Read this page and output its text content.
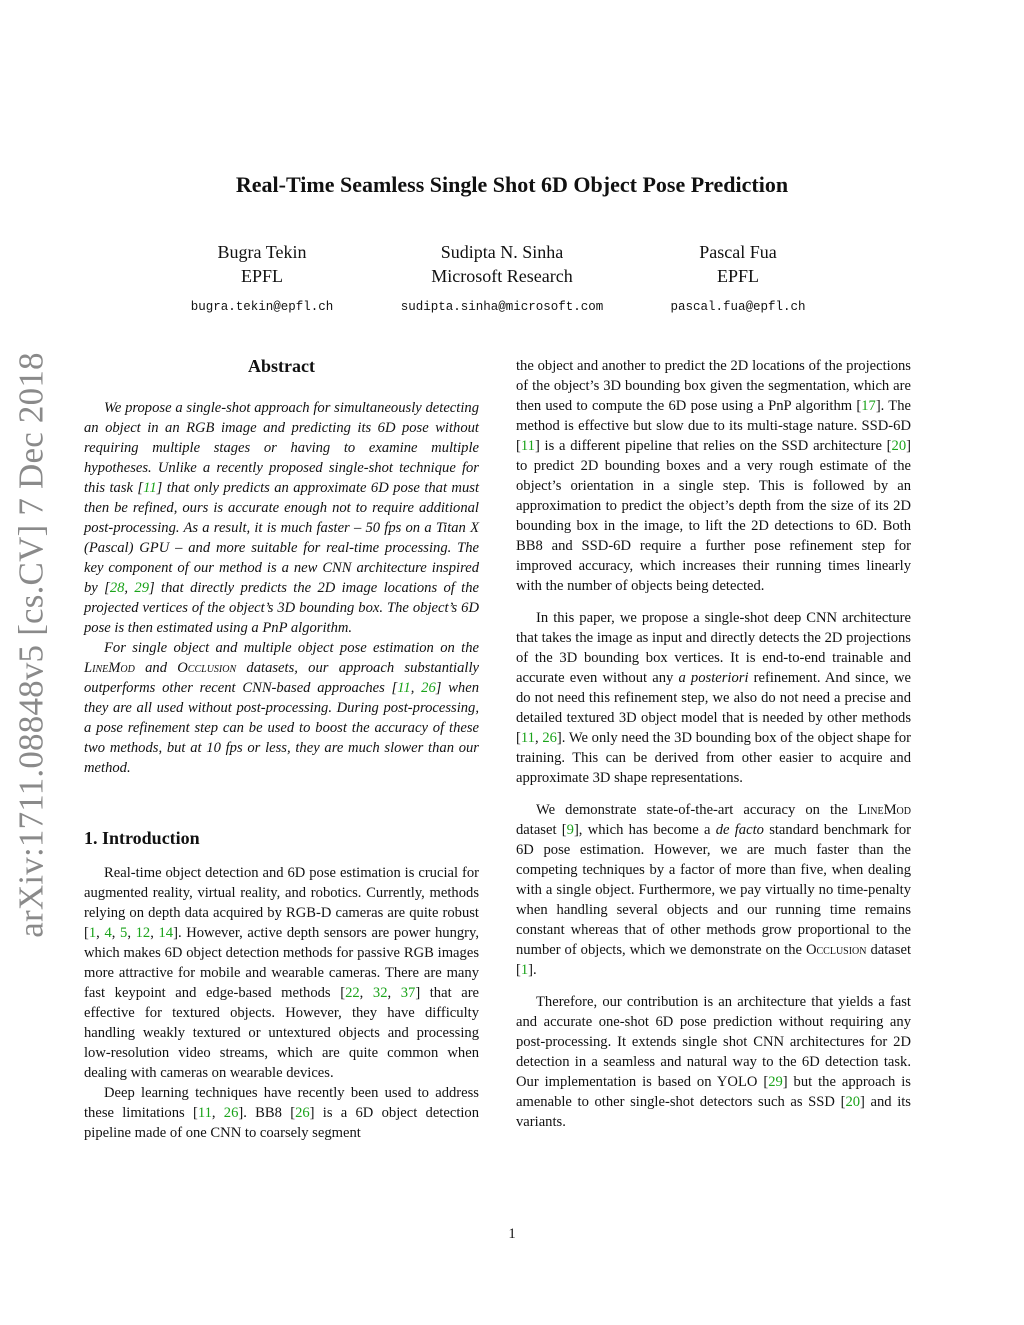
arXiv:1711.08848v5 [cs.CV] 7 Dec 2018
Real-Time Seamless Single Shot 6D Object Pose Prediction
Bugra Tekin
EPFL
bugra.tekin@epfl.ch
Sudipta N. Sinha
Microsoft Research
sudipta.sinha@microsoft.com
Pascal Fua
EPFL
pascal.fua@epfl.ch
Abstract

We propose a single-shot approach for simultaneously detecting an object in an RGB image and predicting its 6D pose without requiring multiple stages or having to examine multiple hypotheses. Unlike a recently proposed single-shot technique for this task [11] that only predicts an approximate 6D pose that must then be refined, ours is accurate enough not to require additional post-processing. As a result, it is much faster – 50 fps on a Titan X (Pascal) GPU – and more suitable for real-time processing. The key component of our method is a new CNN architecture inspired by [28, 29] that directly predicts the 2D image locations of the projected vertices of the object’s 3D bounding box. The object’s 6D pose is then estimated using a PnP algorithm.

For single object and multiple object pose estimation on the LineMod and Occlusion datasets, our approach substantially outperforms other recent CNN-based approaches [11, 26] when they are all used without post-processing. During post-processing, a pose refinement step can be used to boost the accuracy of these two methods, but at 10 fps or less, they are much slower than our method.

1. Introduction

Real-time object detection and 6D pose estimation is crucial for augmented reality, virtual reality, and robotics. Currently, methods relying on depth data acquired by RGB-D cameras are quite robust [1, 4, 5, 12, 14]. However, active depth sensors are power hungry, which makes 6D object detection methods for passive RGB images more attractive for mobile and wearable cameras. There are many fast keypoint and edge-based methods [22, 32, 37] that are effective for textured objects. However, they have difficulty handling weakly textured or untextured objects and processing low-resolution video streams, which are quite common when dealing with cameras on wearable devices.

Deep learning techniques have recently been used to address these limitations [11, 26]. BB8 [26] is a 6D object detection pipeline made of one CNN to coarsely segment

the object and another to predict the 2D locations of the projections of the object’s 3D bounding box given the segmentation, which are then used to compute the 6D pose using a PnP algorithm [17]. The method is effective but slow due to its multi-stage nature. SSD-6D [11] is a different pipeline that relies on the SSD architecture [20] to predict 2D bounding boxes and a very rough estimate of the object’s orientation in a single step. This is followed by an approximation to predict the object’s depth from the size of its 2D bounding box in the image, to lift the 2D detections to 6D. Both BB8 and SSD-6D require a further pose refinement step for improved accuracy, which increases their running times linearly with the number of objects being detected.

In this paper, we propose a single-shot deep CNN architecture that takes the image as input and directly detects the 2D projections of the 3D bounding box vertices. It is end-to-end trainable and accurate even without any a posteriori refinement. And since, we do not need this refinement step, we also do not need a precise and detailed textured 3D object model that is needed by other methods [11, 26]. We only need the 3D bounding box of the object shape for training. This can be derived from other easier to acquire and approximate 3D shape representations.

We demonstrate state-of-the-art accuracy on the LineMod dataset [9], which has become a de facto standard benchmark for 6D pose estimation. However, we are much faster than the competing techniques by a factor of more than five, when dealing with a single object. Furthermore, we pay virtually no time-penalty when handling several objects and our running time remains constant whereas that of other methods grow proportional to the number of objects, which we demonstrate on the Occlusion dataset [1].

Therefore, our contribution is an architecture that yields a fast and accurate one-shot 6D pose prediction without requiring any post-processing. It extends single shot CNN architectures for 2D detection in a seamless and natural way to the 6D detection task. Our implementation is based on YOLO [29] but the approach is amenable to other single-shot detectors such as SSD [20] and its variants.

1
